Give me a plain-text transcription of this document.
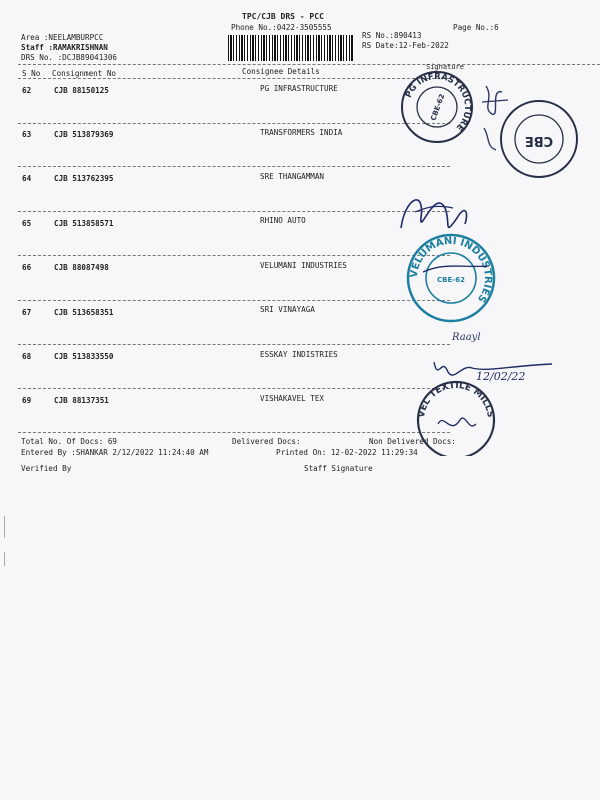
TPC/CJB DRS - PCC
Phone No.:0422-3505555	Page No.:6
RS No.:890413
RS Date:12-Feb-2022
Area :NEELAMBURPCC
Staff :RAMAKRISHNAN
DRS No. :DCJB89041306
S No Consignment No	Consignee Details	Signature
62	CJB 88150125	PG INFRASTRUCTURE
63	CJB 513879369	TRANSFORMERS INDIA
64	CJB 513762395	SRE THANGAMMAN
65	CJB 513858571	RHINO AUTO
66	CJB 88087498	VELUMANI INDUSTRIES
67	CJB 513658351	SRI VINAYAGA
68	CJB 513833550	ESSKAY INDISTRIES
69	CJB 88137351	VISHAKAVEL TEX
Total No. Of Docs: 69	Delivered Docs:	Non Delivered Docs:
Entered By :SHANKAR 2/12/2022 11:24:40 AM	Printed On: 12-02-2022 11:29:34
Verified By	Staff Signature
PG INFRASTRUCTURE
CBE-62
CBE
VELUMANI INDUSTRIES
CBE-62
Raayl
12/02/22
VEL TEXTILE MILLS
